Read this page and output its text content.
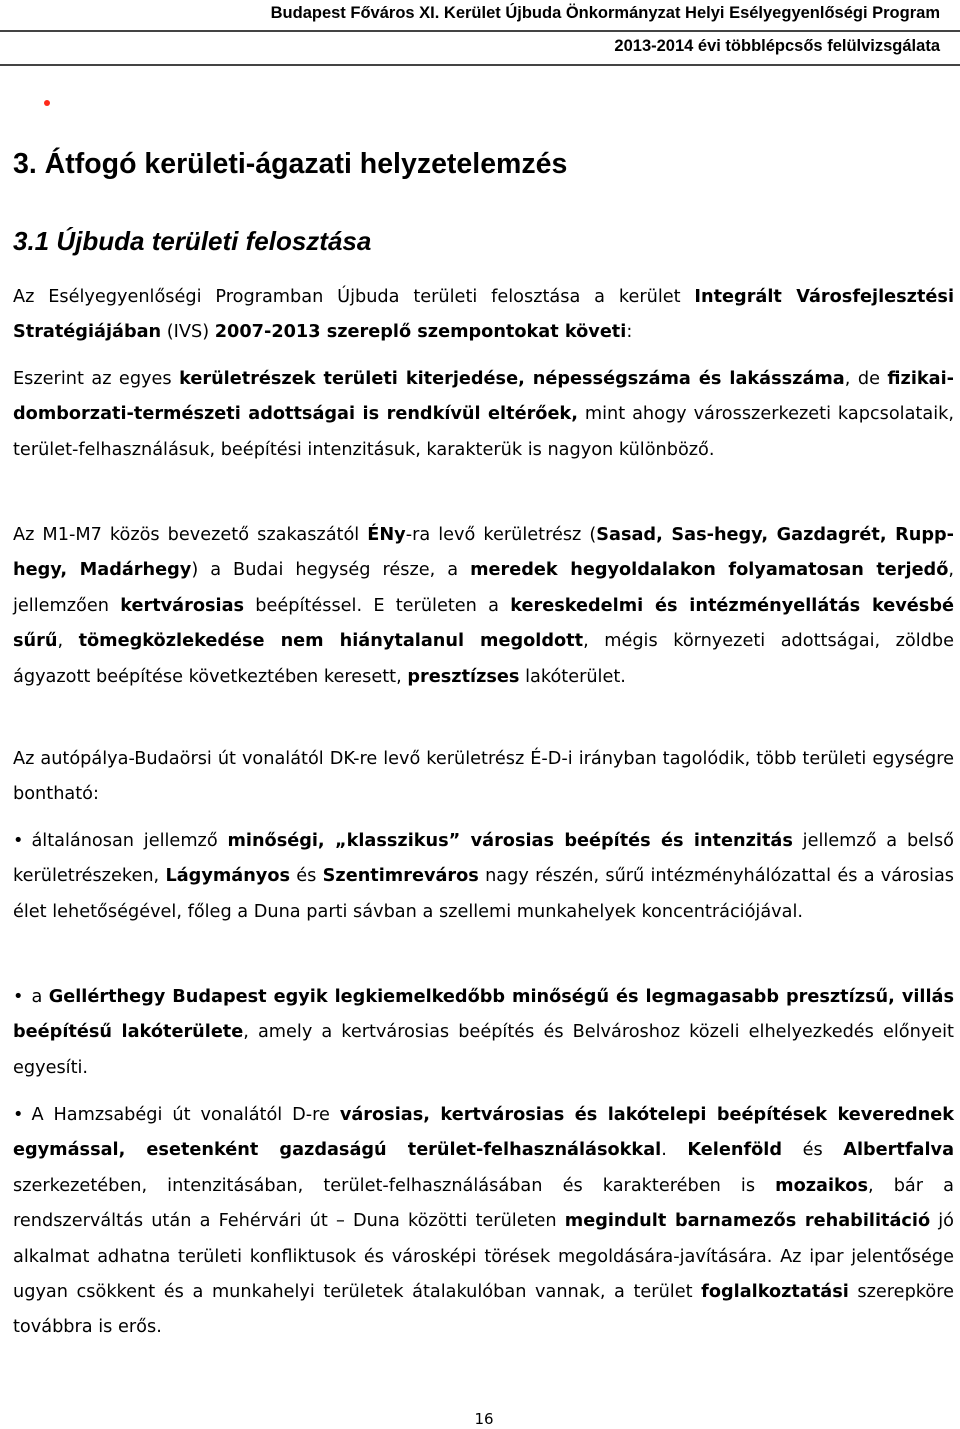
Budapest Főváros XI. Kerület Újbuda Önkormányzat Helyi Esélyegyenlőségi Program
2013-2014 évi többlépcsős felülvizsgálata
3. Átfogó kerületi-ágazati helyzetelemzés
3.1 Újbuda területi felosztása

Az Esélyegyenlőségi Programban Újbuda területi felosztása a kerület Integrált Városfejlesztési Stratégiájában (IVS) 2007-2013 szereplő szempontokat követi:

Eszerint az egyes kerületrészek területi kiterjedése, népességszáma és lakásszáma, de fizikai- domborzati-természeti adottságai is rendkívül eltérőek, mint ahogy városszerkezeti kapcsolataik, terület-felhasználásuk, beépítési intenzitásuk, karakterük is nagyon különböző.

Az M1-M7 közös bevezető szakaszától ÉNy-ra levő kerületrész (Sasad, Sas-hegy, Gazdagrét, Rupp-hegy, Madárhegy) a Budai hegység része, a meredek hegyoldalakon folyamatosan terjedő, jellemzően kertvárosias beépítéssel. E területen a kereskedelmi és intézményellátás kevésbé sűrű, tömegközlekedése nem hiánytalanul megoldott, mégis környezeti adottságai, zöldbe ágyazott beépítése következtében keresett, presztízses lakóterület.

Az autópálya-Budaörsi út vonalától DK-re levő kerületrész É-D-i irányban tagolódik, több területi egységre bontható:

• általánosan jellemző minőségi, „klasszikus” városias beépítés és intenzitás jellemző a belső kerületrészeken, Lágymányos és Szentimreváros nagy részén, sűrű intézményhálózattal és a városias élet lehetőségével, főleg a Duna parti sávban a szellemi munkahelyek koncentrációjával.

• a Gellérthegy Budapest egyik legkiemelkedőbb minőségű és legmagasabb presztízsű, villás beépítésű lakóterülete, amely a kertvárosias beépítés és Belvároshoz közeli elhelyezkedés előnyeit egyesíti.

• A Hamzsabégi út vonalától D-re városias, kertvárosias és lakótelepi beépítések keverednek egymással, esetenként gazdaságú terület-felhasználásokkal. Kelenföld és Albertfalva szerkezetében, intenzitásában, terület-felhasználásában és karakterében is mozaikos, bár a rendszerváltás után a Fehérvári út – Duna közötti területen megindult barnamezős rehabilitáció jó alkalmat adhatna területi konfliktusok és városképi törések megoldására-javítására. Az ipar jelentősége ugyan csökkent és a munkahelyi területek átalakulóban vannak, a terület foglalkoztatási szerepköre továbbra is erős.

16
